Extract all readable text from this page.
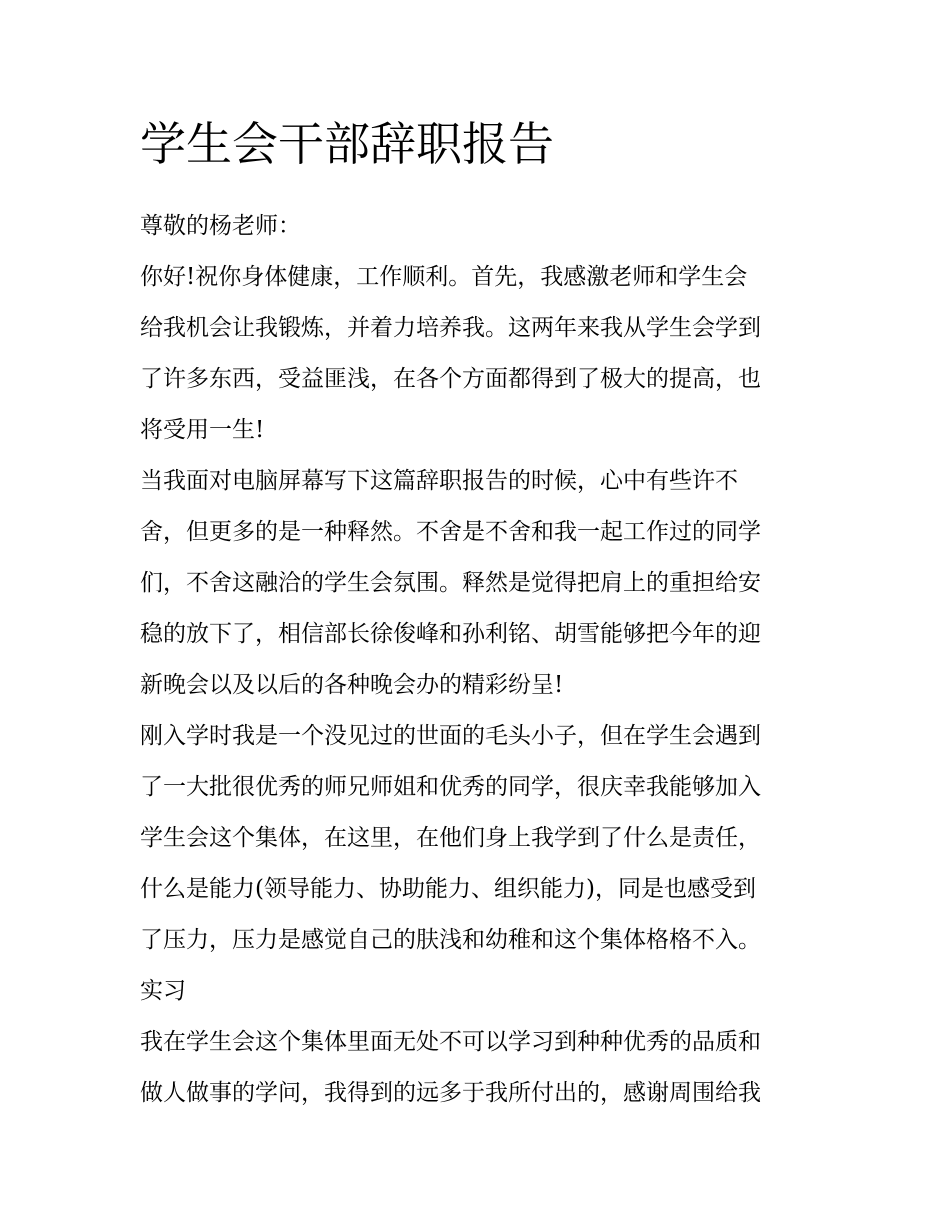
学生会干部辞职报告

尊敬的杨老师：

你好!祝你身体健康，工作顺利。首先，我感激老师和学生会

给我机会让我锻炼，并着力培养我。这两年来我从学生会学到

了许多东西，受益匪浅，在各个方面都得到了极大的提高，也

将受用一生!

当我面对电脑屏幕写下这篇辞职报告的时候，心中有些许不

舍，但更多的是一种释然。不舍是不舍和我一起工作过的同学

们，不舍这融洽的学生会氛围。释然是觉得把肩上的重担给安

稳的放下了，相信部长徐俊峰和孙利铭、胡雪能够把今年的迎

新晚会以及以后的各种晚会办的精彩纷呈!

刚入学时我是一个没见过的世面的毛头小子，但在学生会遇到

了一大批很优秀的师兄师姐和优秀的同学，很庆幸我能够加入

学生会这个集体，在这里，在他们身上我学到了什么是责任，

什么是能力(领导能力、协助能力、组织能力)，同是也感受到

了压力，压力是感觉自己的肤浅和幼稚和这个集体格格不入。

实习

我在学生会这个集体里面无处不可以学习到种种优秀的品质和

做人做事的学问，我得到的远多于我所付出的，感谢周围给我
